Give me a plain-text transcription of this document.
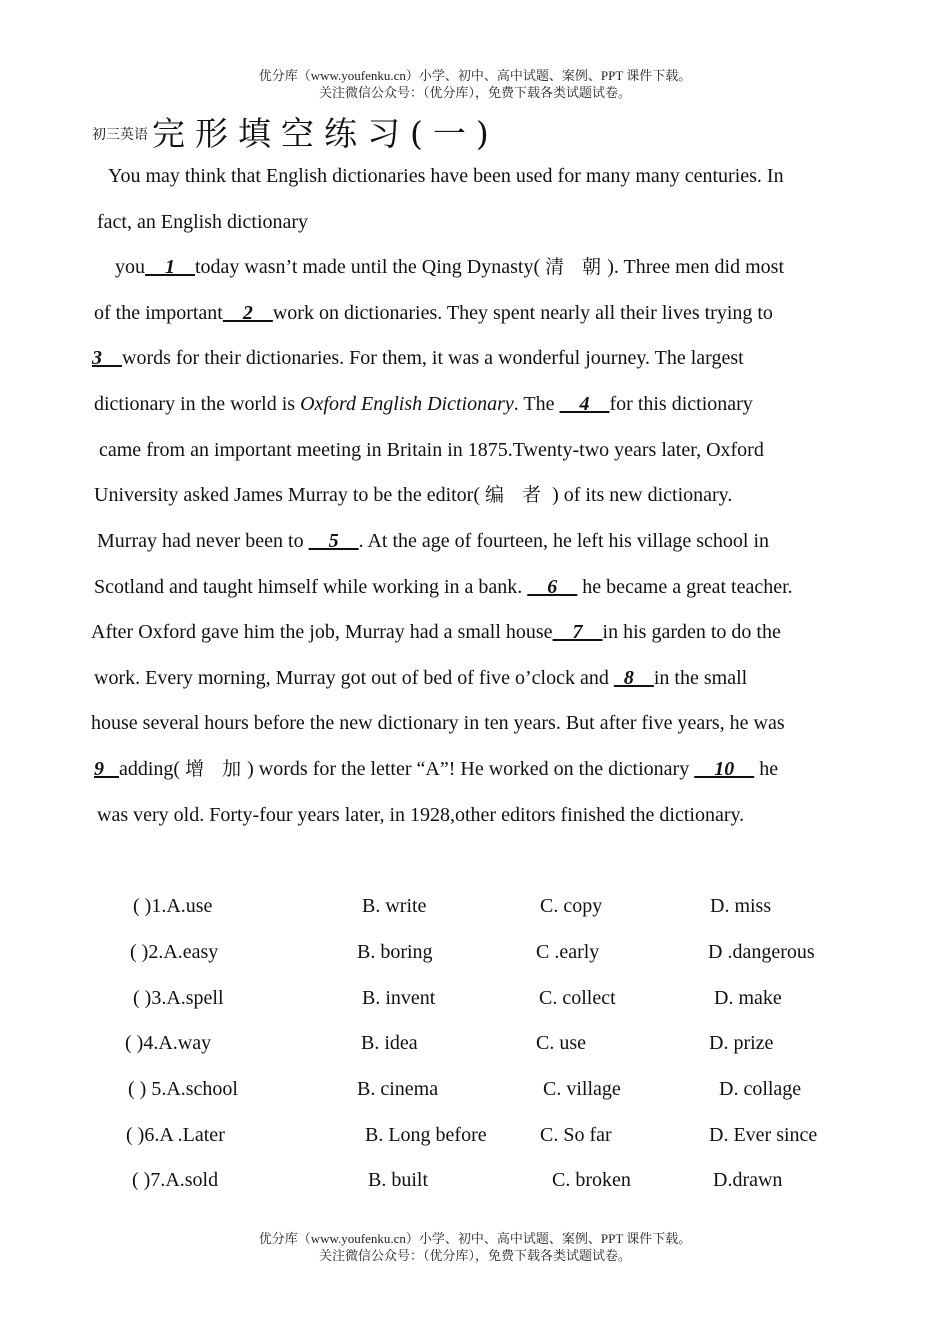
优分库（www.youfenku.cn）小学、初中、高中试题、案例、PPT 课件下载。
关注微信公众号：（优分库），免费下载各类试题试卷。
初三英语 完形填空练习(一)
You may think that English dictionaries have been used for many many centuries. In
fact, an English dictionary
you    1    today wasn’t made until the Qing Dynasty( 清 朝). Three men did most
of the important    2    work on dictionaries. They spent nearly all their lives trying to
3    words for their dictionaries. For them, it was a wonderful journey. The largest
dictionary in the world is Oxford English Dictionary. The     4    for this dictionary
came from an important meeting in Britain in 1875.Twenty-two years later, Oxford
University asked James Murray to be the editor( 编 者 ) of its new dictionary.
Murray had never been to     5    . At the age of fourteen, he left his village school in
Scotland and taught himself while working in a bank.     6     he became a great teacher.
After Oxford gave him the job, Murray had a small house    7    in his garden to do the
work. Every morning, Murray got out of bed of five o’clock and   8    in the small
house several hours before the new dictionary in ten years. But after five years, he was
9   adding( 增 加) words for the letter “A”! He worked on the dictionary     10     he
was very old. Forty-four years later, in 1928,other editors finished the dictionary.
( )1.A.use	B. write	C. copy	D. miss
( )2.A.easy	B. boring	C .early	D .dangerous
( )3.A.spell	B. invent	C. collect	D. make
( )4.A.way	B. idea	C. use	D. prize
( ) 5.A.school	B. cinema	C. village	D. collage
( )6.A .Later	B. Long before	C. So far	D. Ever since
( )7.A.sold	B. built	C. broken	D.drawn
优分库（www.youfenku.cn）小学、初中、高中试题、案例、PPT 课件下载。
关注微信公众号：（优分库），免费下载各类试题试卷。
